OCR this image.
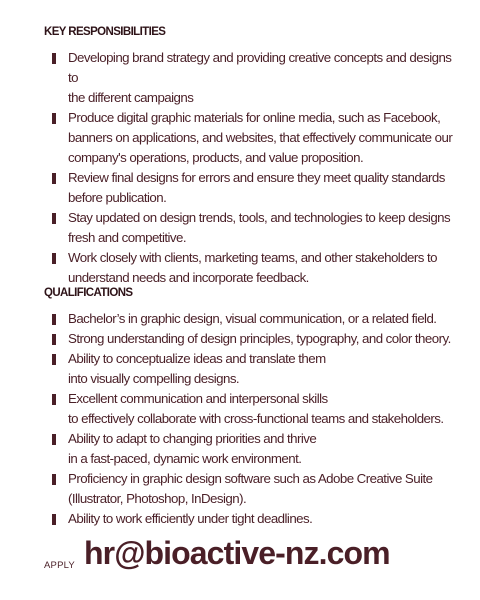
KEY RESPONSIBILITIES
Developing brand strategy and providing creative concepts and designs to
the different campaigns
Produce digital graphic materials for online media, such as Facebook,
banners on applications, and websites, that effectively communicate our
company's operations, products, and value proposition.
Review final designs for errors and ensure they meet quality standards
before publication.
Stay updated on design trends, tools, and technologies to keep designs
fresh and competitive.
Work closely with clients, marketing teams, and other stakeholders to
understand needs and incorporate feedback.
QUALIFICATIONS
Bachelor’s in graphic design, visual communication, or a related field.
Strong understanding of design principles, typography, and color theory.
Ability to conceptualize ideas and translate them
into visually compelling designs.
Excellent communication and interpersonal skills
to effectively collaborate with cross-functional teams and stakeholders.
Ability to adapt to changing priorities and thrive
in a fast-paced, dynamic work environment.
Proficiency in graphic design software such as Adobe Creative Suite
(Illustrator, Photoshop, InDesign).
Ability to work efficiently under tight deadlines.
APPLY hr@bioactive-nz.com
